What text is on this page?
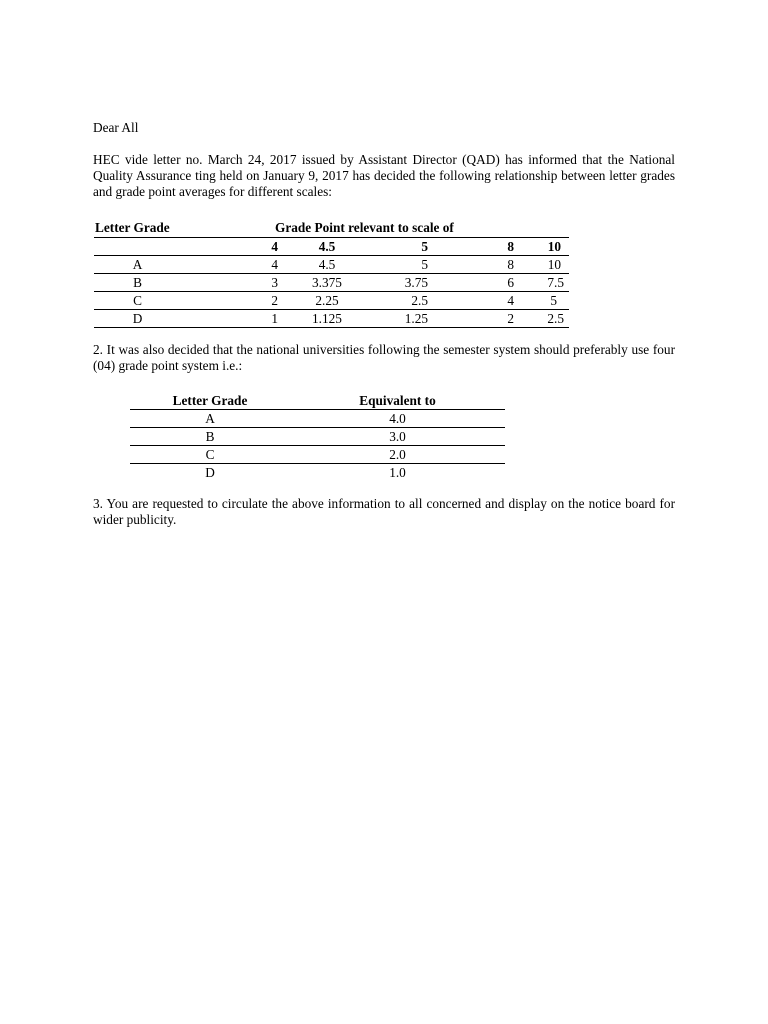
Dear All

HEC vide letter no. March 24, 2017 issued by Assistant Director (QAD) has informed that the National Quality Assurance ting held on January 9, 2017 has decided the following relationship between letter grades and grade point averages for different scales:

Letter Grade	Grade Point relevant to scale of
	4	4.5	5	8	10
A	4	4.5	5	8	10
B	3	3.375	3.75	6	7.5
C	2	2.25	2.5	4	5
D	1	1.125	1.25	2	2.5

2. It was also decided that the national universities following the semester system should preferably use four (04) grade point system i.e.:

Letter Grade	Equivalent to
A	4.0
B	3.0
C	2.0
D	1.0

3. You are requested to circulate the above information to all concerned and display on the notice board for wider publicity.
